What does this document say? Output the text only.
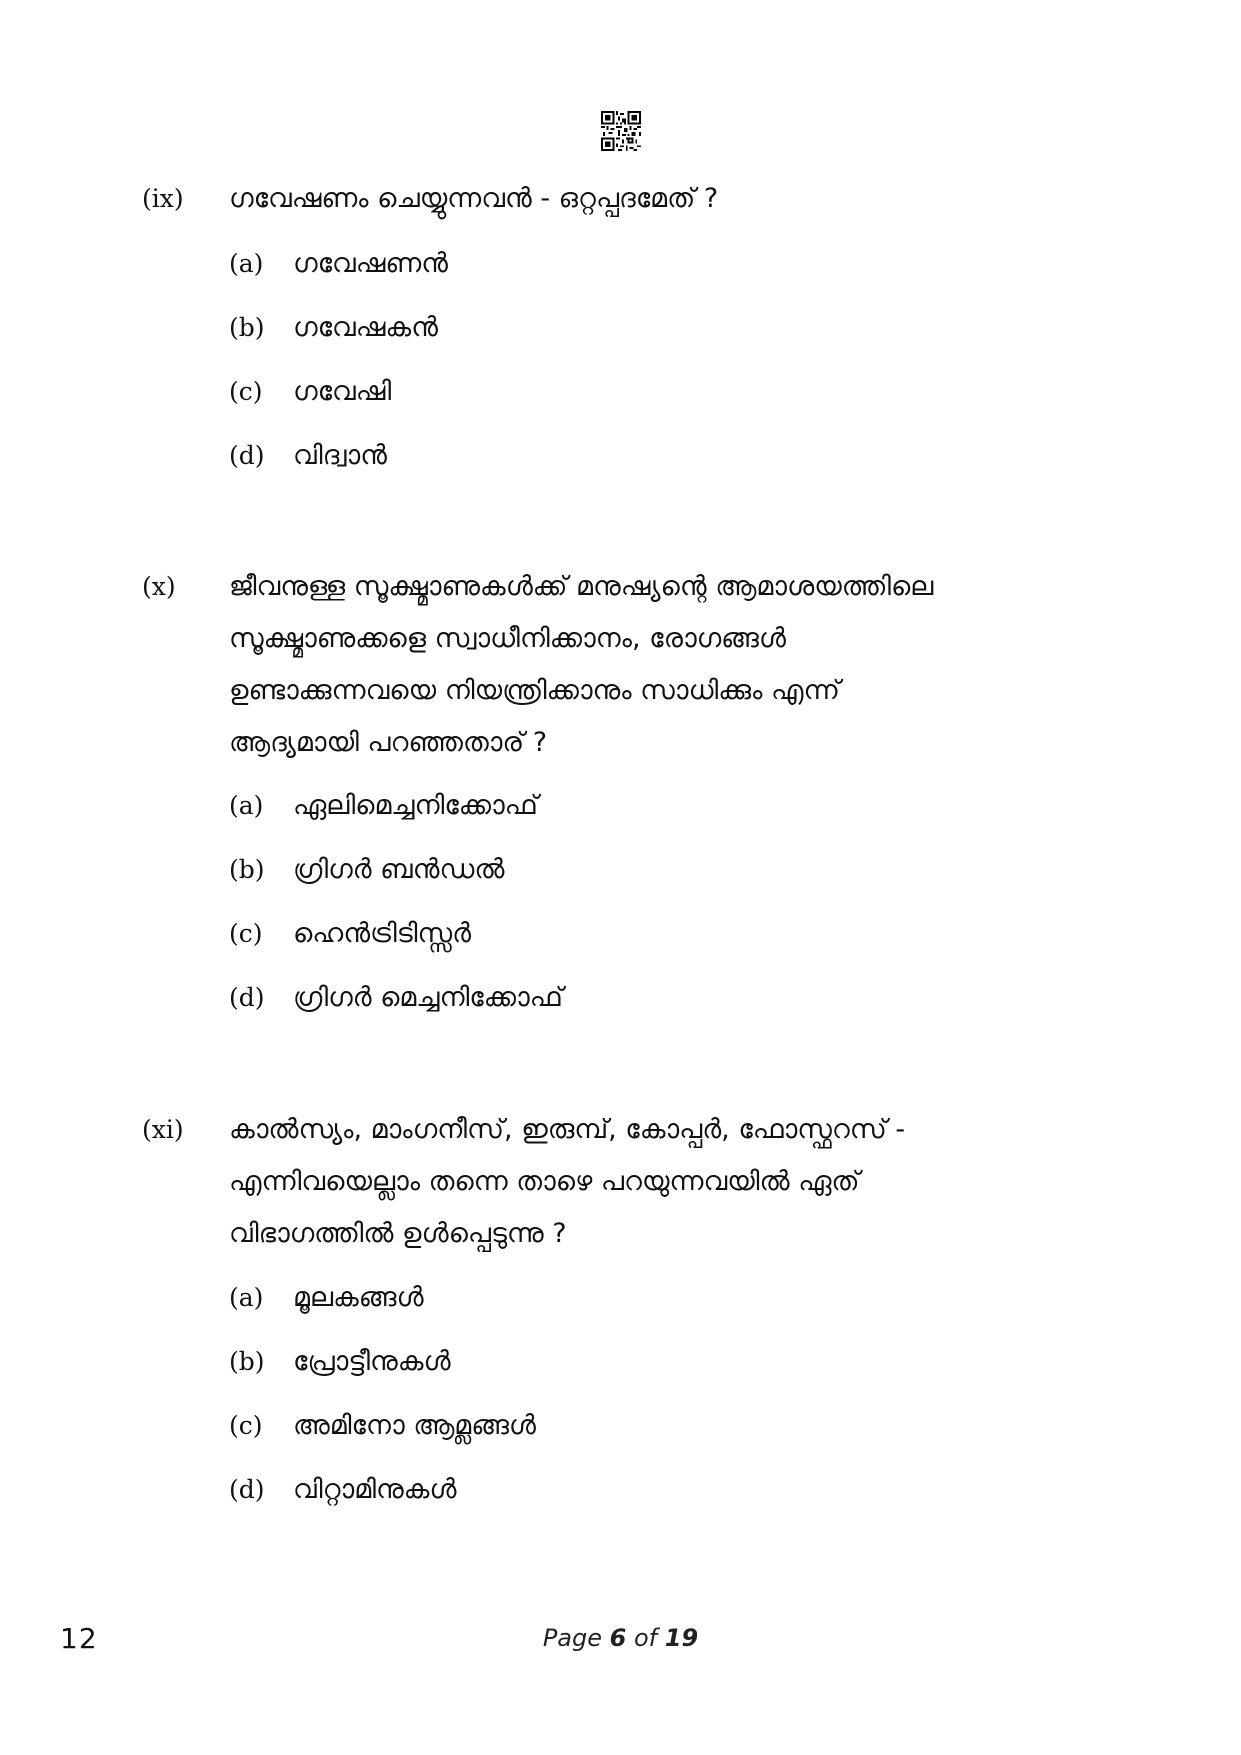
(ix) ഗവേഷണം ചെയ്യുന്നവൻ - ഒറ്റപ്പദമേത് ?
(a) ഗവേഷണൻ
(b) ഗവേഷകൻ
(c) ഗവേഷി
(d) വിദ്വാൻ
(x) ജീവനുള്ള സൂക്ഷ്മാണുകൾക്ക് മനുഷ്യന്റെ ആമാശയത്തിലെ
സൂക്ഷ്മാണുക്കളെ സ്വാധീനിക്കാനം, രോഗങ്ങൾ
ഉണ്ടാക്കുന്നവയെ നിയന്ത്രിക്കാനും സാധിക്കും എന്ന്
ആദ്യമായി പറഞ്ഞതാര് ?
(a) ഏലിമെച്ചനിക്കോഫ്
(b) ഗ്രിഗർ ബൻഡൽ
(c) ഹെൻട്രിടിസ്സർ
(d) ഗ്രിഗർ മെച്ചനിക്കോഫ്
(xi) കാൽസ്യം, മാംഗനീസ്, ഇരുമ്പ്, കോപ്പർ, ഫോസ്ഫറസ് -
എന്നിവയെല്ലാം തന്നെ താഴെ പറയുന്നവയിൽ ഏത്
വിഭാഗത്തിൽ ഉൾപ്പെടുന്നു ?
(a) മൂലകങ്ങൾ
(b) പ്രോട്ടീനുകൾ
(c) അമിനോ ആമ്ലങ്ങൾ
(d) വിറ്റാമിനുകൾ
12	Page 6 of 19
